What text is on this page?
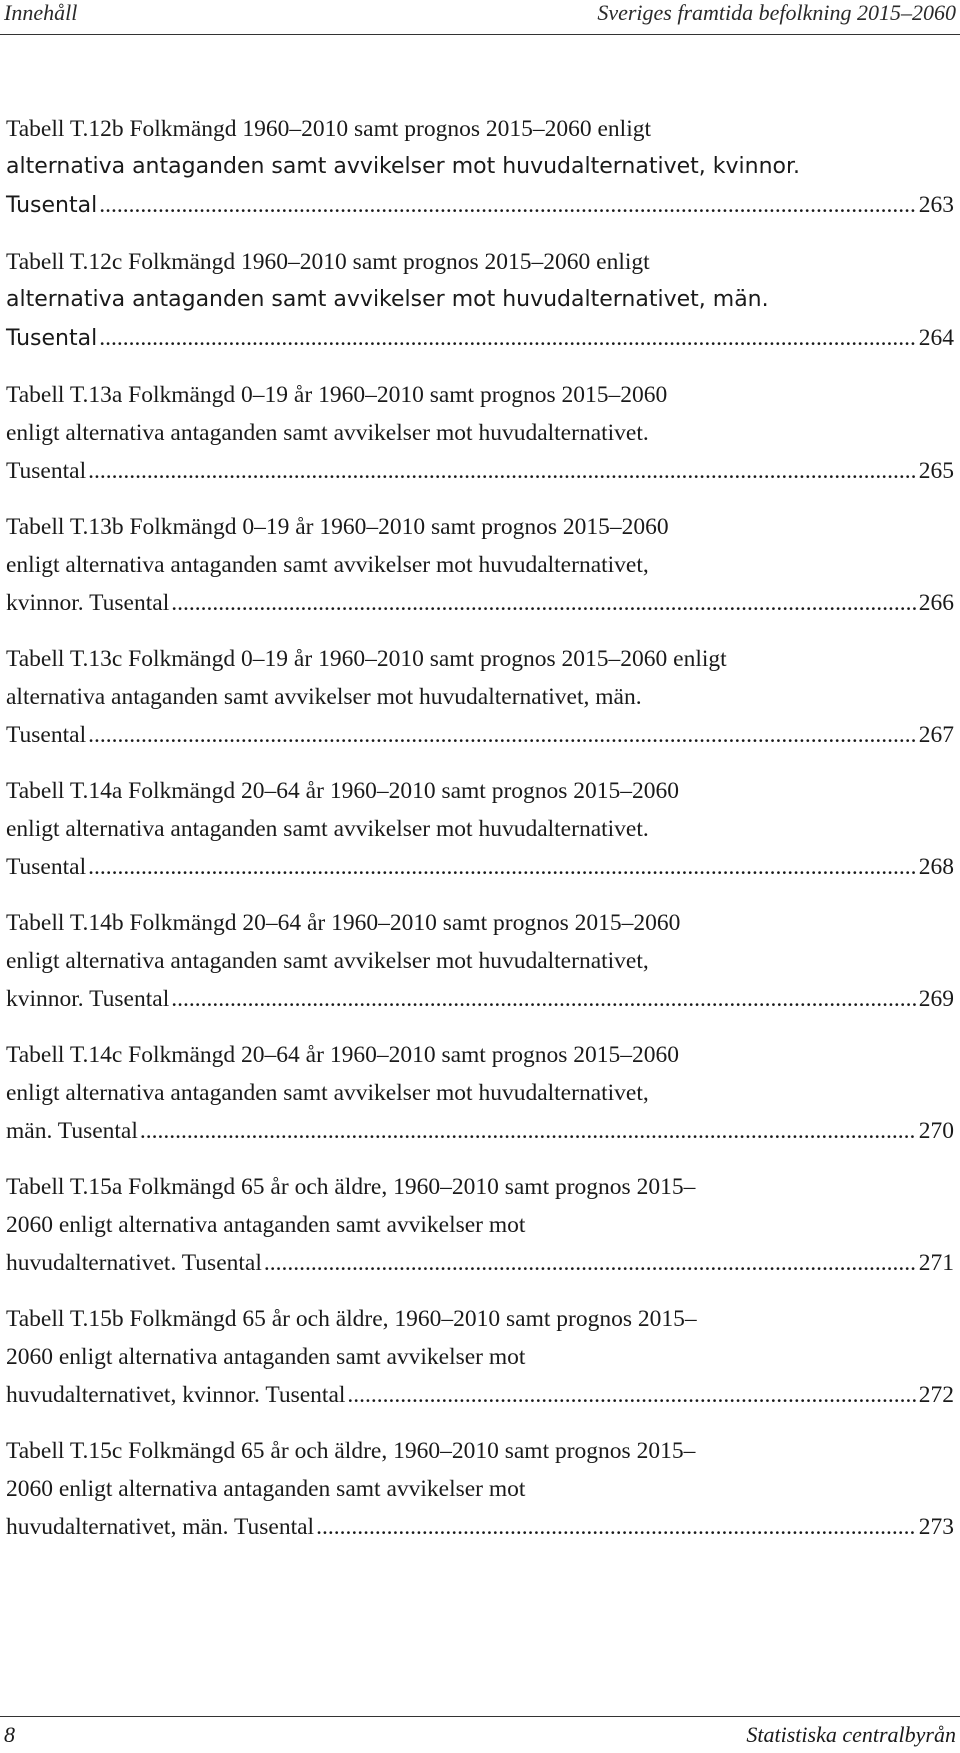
Innehåll	Sveriges framtida befolkning 2015–2060
Tabell T.12b Folkmängd 1960–2010 samt prognos 2015–2060 enligt
alternativa antaganden samt avvikelser mot huvudalternativet, kvinnor.
Tusental .....	263
Tabell T.12c Folkmängd 1960–2010 samt prognos 2015–2060 enligt
alternativa antaganden samt avvikelser mot huvudalternativet, män.
Tusental .....	264
Tabell T.13a Folkmängd 0–19 år 1960–2010 samt prognos 2015–2060
enligt alternativa antaganden samt avvikelser mot huvudalternativet.
Tusental .....	265
Tabell T.13b Folkmängd 0–19 år 1960–2010 samt prognos 2015–2060
enligt alternativa antaganden samt avvikelser mot huvudalternativet,
kvinnor. Tusental .....	266
Tabell T.13c Folkmängd 0–19 år 1960–2010 samt prognos 2015–2060 enligt
alternativa antaganden samt avvikelser mot huvudalternativet, män.
Tusental .....	267
Tabell T.14a Folkmängd 20–64 år 1960–2010 samt prognos 2015–2060
enligt alternativa antaganden samt avvikelser mot huvudalternativet.
Tusental .....	268
Tabell T.14b Folkmängd 20–64 år 1960–2010 samt prognos 2015–2060
enligt alternativa antaganden samt avvikelser mot huvudalternativet,
kvinnor. Tusental .....	269
Tabell T.14c Folkmängd 20–64 år 1960–2010 samt prognos 2015–2060
enligt alternativa antaganden samt avvikelser mot huvudalternativet,
män. Tusental .....	270
Tabell T.15a Folkmängd 65 år och äldre, 1960–2010 samt prognos 2015–
2060 enligt alternativa antaganden samt avvikelser mot
huvudalternativet. Tusental .....	271
Tabell T.15b Folkmängd 65 år och äldre, 1960–2010 samt prognos 2015–
2060 enligt alternativa antaganden samt avvikelser mot
huvudalternativet, kvinnor. Tusental .....	272
Tabell T.15c Folkmängd 65 år och äldre, 1960–2010 samt prognos 2015–
2060 enligt alternativa antaganden samt avvikelser mot
huvudalternativet, män. Tusental .....	273
8	Statistiska centralbyrån
